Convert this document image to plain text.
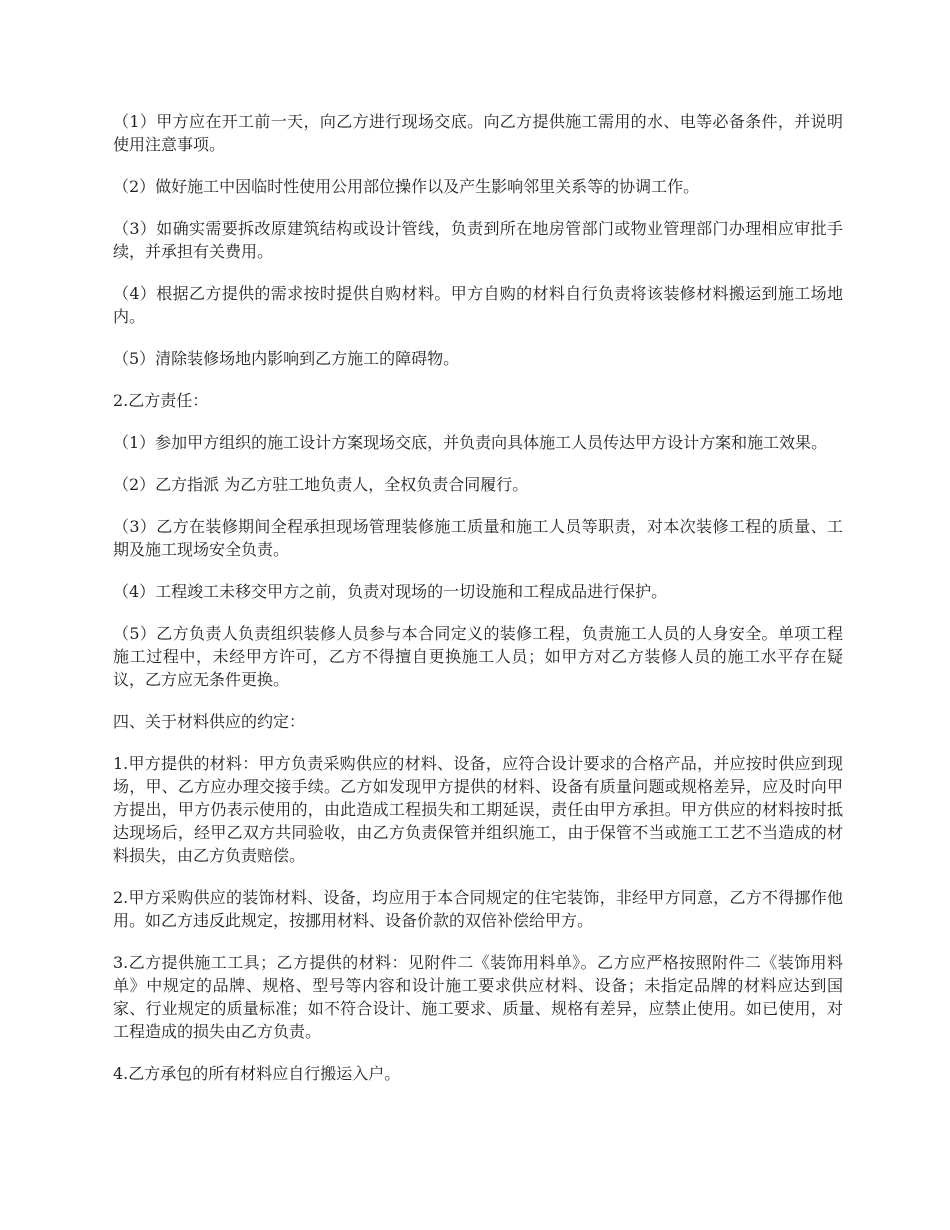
（1）甲方应在开工前一天，向乙方进行现场交底。向乙方提供施工需用的水、电等必备条件，并说明使用注意事项。

（2）做好施工中因临时性使用公用部位操作以及产生影响邻里关系等的协调工作。

（3）如确实需要拆改原建筑结构或设计管线，负责到所在地房管部门或物业管理部门办理相应审批手续，并承担有关费用。

（4）根据乙方提供的需求按时提供自购材料。甲方自购的材料自行负责将该装修材料搬运到施工场地内。

（5）清除装修场地内影响到乙方施工的障碍物。

2.乙方责任：

（1）参加甲方组织的施工设计方案现场交底，并负责向具体施工人员传达甲方设计方案和施工效果。

（2）乙方指派 为乙方驻工地负责人，全权负责合同履行。

（3）乙方在装修期间全程承担现场管理装修施工质量和施工人员等职责，对本次装修工程的质量、工期及施工现场安全负责。

（4）工程竣工未移交甲方之前，负责对现场的一切设施和工程成品进行保护。

（5）乙方负责人负责组织装修人员参与本合同定义的装修工程，负责施工人员的人身安全。单项工程施工过程中，未经甲方许可，乙方不得擅自更换施工人员；如甲方对乙方装修人员的施工水平存在疑议，乙方应无条件更换。

四、关于材料供应的约定：

1.甲方提供的材料：甲方负责采购供应的材料、设备，应符合设计要求的合格产品，并应按时供应到现场，甲、乙方应办理交接手续。乙方如发现甲方提供的材料、设备有质量问题或规格差异，应及时向甲方提出，甲方仍表示使用的，由此造成工程损失和工期延误，责任由甲方承担。甲方供应的材料按时抵达现场后，经甲乙双方共同验收，由乙方负责保管并组织施工，由于保管不当或施工工艺不当造成的材料损失，由乙方负责赔偿。

2.甲方采购供应的装饰材料、设备，均应用于本合同规定的住宅装饰，非经甲方同意，乙方不得挪作他用。如乙方违反此规定，按挪用材料、设备价款的双倍补偿给甲方。

3.乙方提供施工工具；乙方提供的材料：见附件二《装饰用料单》。乙方应严格按照附件二《装饰用料单》中规定的品牌、规格、型号等内容和设计施工要求供应材料、设备；未指定品牌的材料应达到国家、行业规定的质量标准；如不符合设计、施工要求、质量、规格有差异，应禁止使用。如已使用，对工程造成的损失由乙方负责。

4.乙方承包的所有材料应自行搬运入户。
